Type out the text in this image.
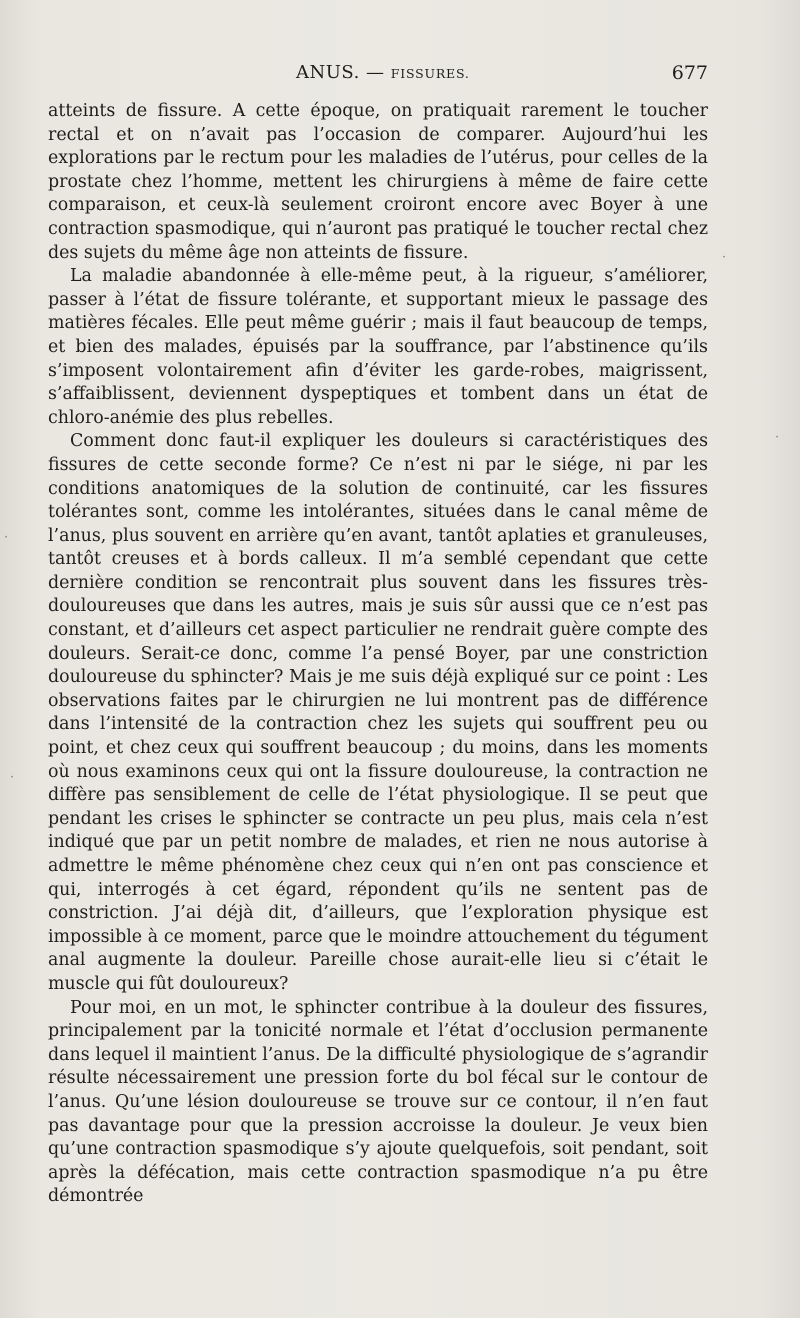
ANUS. — FISSURES.	677

atteints de fissure. A cette époque, on pratiquait rarement le toucher rectal et on n’avait pas l’occasion de comparer. Aujourd’hui les explorations par le rectum pour les maladies de l’utérus, pour celles de la prostate chez l’homme, mettent les chirurgiens à même de faire cette comparaison, et ceux-là seulement croiront encore avec Boyer à une contraction spasmodique, qui n’auront pas pratiqué le toucher rectal chez des sujets du même âge non atteints de fissure.

La maladie abandonnée à elle-même peut, à la rigueur, s’améliorer, passer à l’état de fissure tolérante, et supportant mieux le passage des matières fécales. Elle peut même guérir ; mais il faut beaucoup de temps, et bien des malades, épuisés par la souffrance, par l’abstinence qu’ils s’imposent volontairement afin d’éviter les garde-robes, maigrissent, s’affaiblissent, deviennent dyspeptiques et tombent dans un état de chloro-anémie des plus rebelles.

Comment donc faut-il expliquer les douleurs si caractéristiques des fissures de cette seconde forme? Ce n’est ni par le siége, ni par les conditions anatomiques de la solution de continuité, car les fissures tolérantes sont, comme les intolérantes, situées dans le canal même de l’anus, plus souvent en arrière qu’en avant, tantôt aplaties et granuleuses, tantôt creuses et à bords calleux. Il m’a semblé cependant que cette dernière condition se rencontrait plus souvent dans les fissures très-douloureuses que dans les autres, mais je suis sûr aussi que ce n’est pas constant, et d’ailleurs cet aspect particulier ne rendrait guère compte des douleurs. Serait-ce donc, comme l’a pensé Boyer, par une constriction douloureuse du sphincter? Mais je me suis déjà expliqué sur ce point : Les observations faites par le chirurgien ne lui montrent pas de différence dans l’intensité de la contraction chez les sujets qui souffrent peu ou point, et chez ceux qui souffrent beaucoup ; du moins, dans les moments où nous examinons ceux qui ont la fissure douloureuse, la contraction ne diffère pas sensiblement de celle de l’état physiologique. Il se peut que pendant les crises le sphincter se contracte un peu plus, mais cela n’est indiqué que par un petit nombre de malades, et rien ne nous autorise à admettre le même phénomène chez ceux qui n’en ont pas conscience et qui, interrogés à cet égard, répondent qu’ils ne sentent pas de constriction. J’ai déjà dit, d’ailleurs, que l’exploration physique est impossible à ce moment, parce que le moindre attouchement du tégument anal augmente la douleur. Pareille chose aurait-elle lieu si c’était le muscle qui fût douloureux?

Pour moi, en un mot, le sphincter contribue à la douleur des fissures, principalement par la tonicité normale et l’état d’occlusion permanente dans lequel il maintient l’anus. De la difficulté physiologique de s’agrandir résulte nécessairement une pression forte du bol fécal sur le contour de l’anus. Qu’une lésion douloureuse se trouve sur ce contour, il n’en faut pas davantage pour que la pression accroisse la douleur. Je veux bien qu’une contraction spasmodique s’y ajoute quelquefois, soit pendant, soit après la défécation, mais cette contraction spasmodique n’a pu être démontrée

·
·
·
·
